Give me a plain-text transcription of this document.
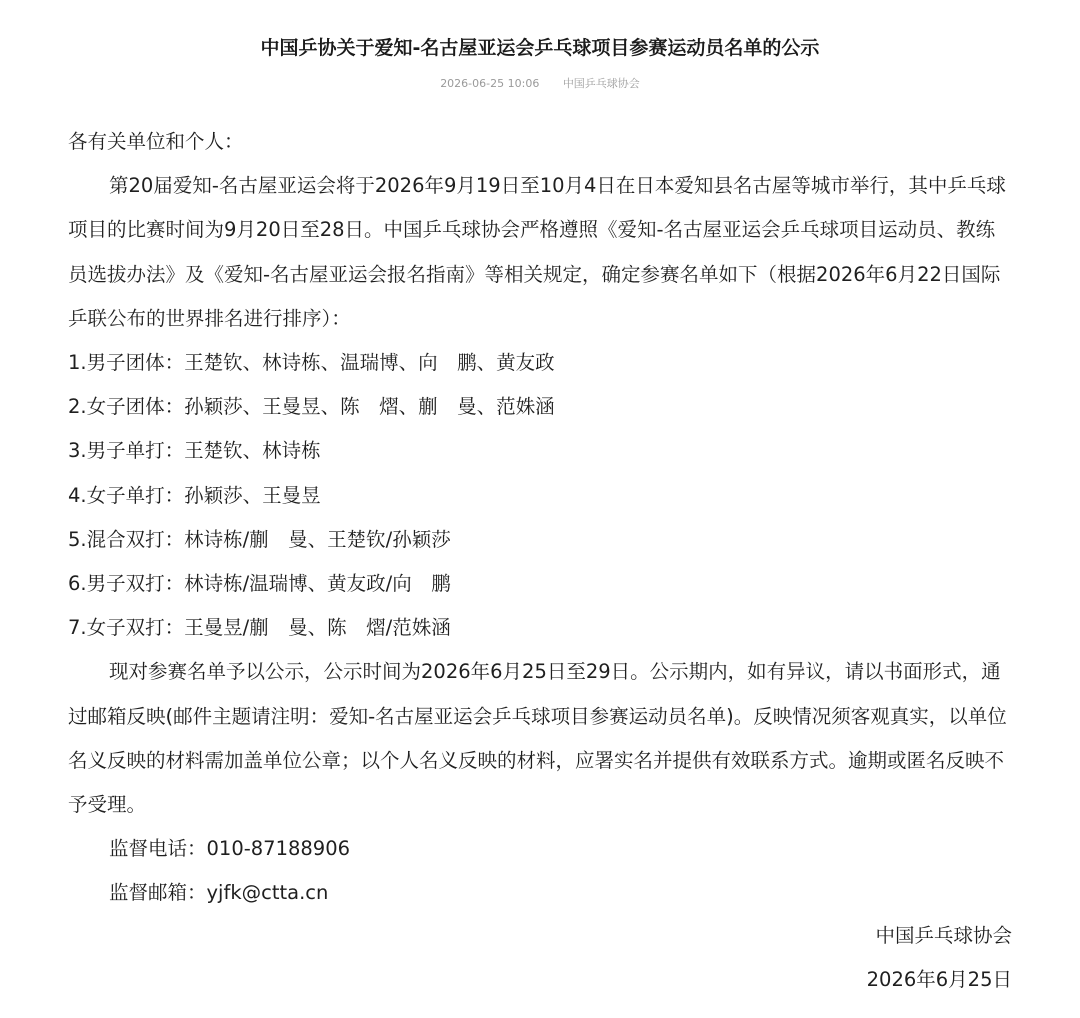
中国乒协关于爱知-名古屋亚运会乒乓球项目参赛运动员名单的公示
2026-06-25 10:06 中国乒乓球协会

各有关单位和个人：

第20届爱知-名古屋亚运会将于2026年9月19日至10月4日在日本爱知县名古屋等城市举行，其中乒乓球项目的比赛时间为9月20日至28日。中国乒乓球协会严格遵照《爱知-名古屋亚运会乒乓球项目运动员、教练员选拔办法》及《爱知-名古屋亚运会报名指南》等相关规定，确定参赛名单如下（根据2026年6月22日国际乒联公布的世界排名进行排序）：

1.男子团体：王楚钦、林诗栋、温瑞博、向　鹏、黄友政

2.女子团体：孙颖莎、王曼昱、陈　熠、蒯　曼、范姝涵

3.男子单打：王楚钦、林诗栋

4.女子单打：孙颖莎、王曼昱

5.混合双打：林诗栋/蒯　曼、王楚钦/孙颖莎

6.男子双打：林诗栋/温瑞博、黄友政/向　鹏

7.女子双打：王曼昱/蒯　曼、陈　熠/范姝涵

现对参赛名单予以公示，公示时间为2026年6月25日至29日。公示期内，如有异议，请以书面形式，通过邮箱反映(邮件主题请注明：爱知-名古屋亚运会乒乓球项目参赛运动员名单)。反映情况须客观真实，以单位名义反映的材料需加盖单位公章；以个人名义反映的材料，应署实名并提供有效联系方式。逾期或匿名反映不予受理。

监督电话：010-87188906

监督邮箱：yjfk@ctta.cn

中国乒乓球协会
2026年6月25日
